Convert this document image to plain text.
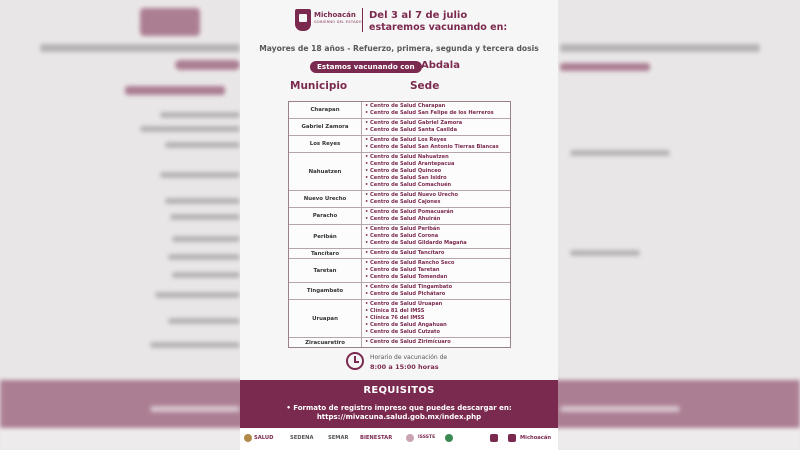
Michoacán
GOBIERNO DEL ESTADO
Del 3 al 7 de julio
estaremos vacunando en:
Mayores de 18 años - Refuerzo, primera, segunda y tercera dosis
Estamos vacunando con Abdala
Municipio	Sede
Charapan
• Centro de Salud Charapan
• Centro de Salud San Felipe de los Herreros
Gabriel Zamora
• Centro de Salud Gabriel Zamora
• Centro de Salud Santa Casilda
Los Reyes
• Centro de Salud Los Reyes
• Centro de Salud San Antonio Tierras Blancas
Nahuatzen
• Centro de Salud Nahuatzen
• Centro de Salud Arantepacua
• Centro de Salud Quinceo
• Centro de Salud San Isidro
• Centro de Salud Comachuén
Nuevo Urecho
• Centro de Salud Nuevo Urecho
• Centro de Salud Cajones
Paracho
• Centro de Salud Pomacuarán
• Centro de Salud Ahuirán
Peribán
• Centro de Salud Peribán
• Centro de Salud Corona
• Centro de Salud Gildardo Magaña
Tancítaro	• Centro de Salud Tancítaro
Taretan
• Centro de Salud Rancho Seco
• Centro de Salud Taretan
• Centro de Salud Tomendan
Tingambato
• Centro de Salud Tingambato
• Centro de Salud Pichátaro
Uruapan
• Centro de Salud Uruapan
• Clínica 81 del IMSS
• Clínica 76 del IMSS
• Centro de Salud Angahuan
• Centro de Salud Cutzato
Ziracuaretiro	• Centro de Salud Zirimícuaro
Horario de vacunación de
8:00 a 15:00 horas
REQUISITOS
• Formato de registro impreso que puedes descargar en:
https://mivacuna.salud.gob.mx/index.php
SALUD	SEDENA	SEMAR BIENESTAR	ISSSTE	Michoacán
